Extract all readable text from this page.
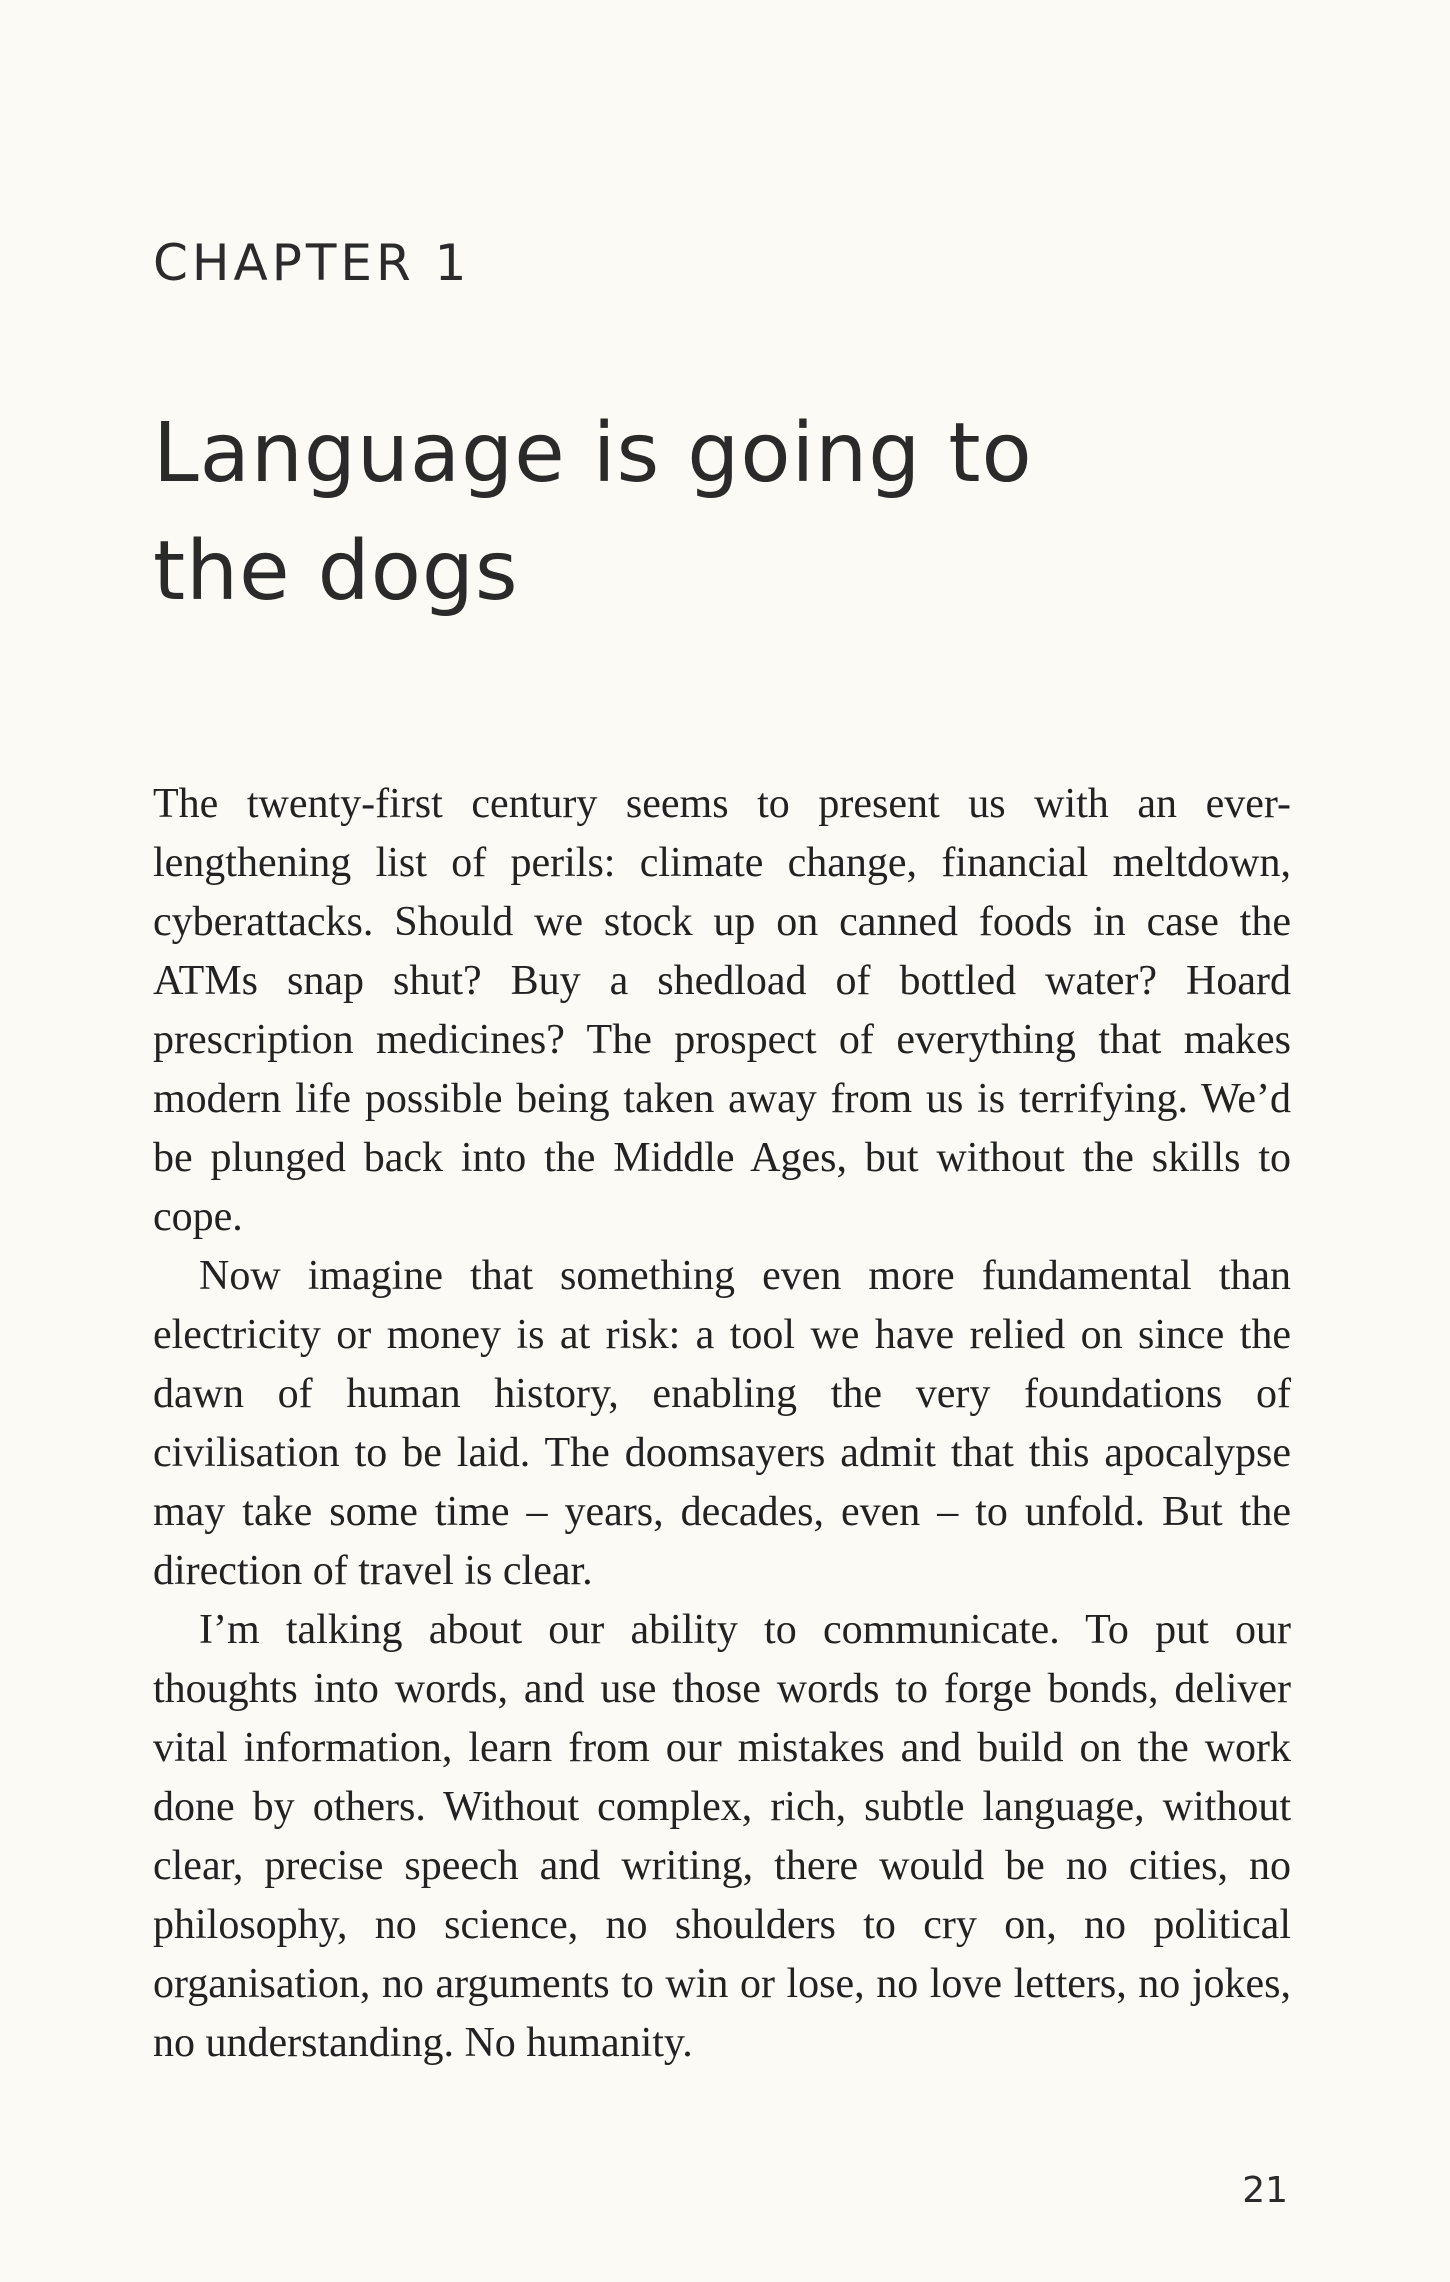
CHAPTER 1
Language is going to the dogs

The twenty-first century seems to present us with an ever-lengthening list of perils: climate change, financial meltdown, cyberattacks. Should we stock up on canned foods in case the ATMs snap shut? Buy a shedload of bottled water? Hoard prescription medicines? The prospect of everything that makes modern life possible being taken away from us is terrifying. We’d be plunged back into the Middle Ages, but without the skills to cope.

Now imagine that something even more fundamental than electricity or money is at risk: a tool we have relied on since the dawn of human history, enabling the very foundations of civilisation to be laid. The doomsayers admit that this apocalypse may take some time – years, decades, even – to unfold. But the direction of travel is clear.

I’m talking about our ability to communicate. To put our thoughts into words, and use those words to forge bonds, deliver vital information, learn from our mistakes and build on the work done by others. Without complex, rich, subtle language, without clear, precise speech and writing, there would be no cities, no philosophy, no science, no shoulders to cry on, no political organisation, no arguments to win or lose, no love letters, no jokes, no understanding. No humanity.

21
